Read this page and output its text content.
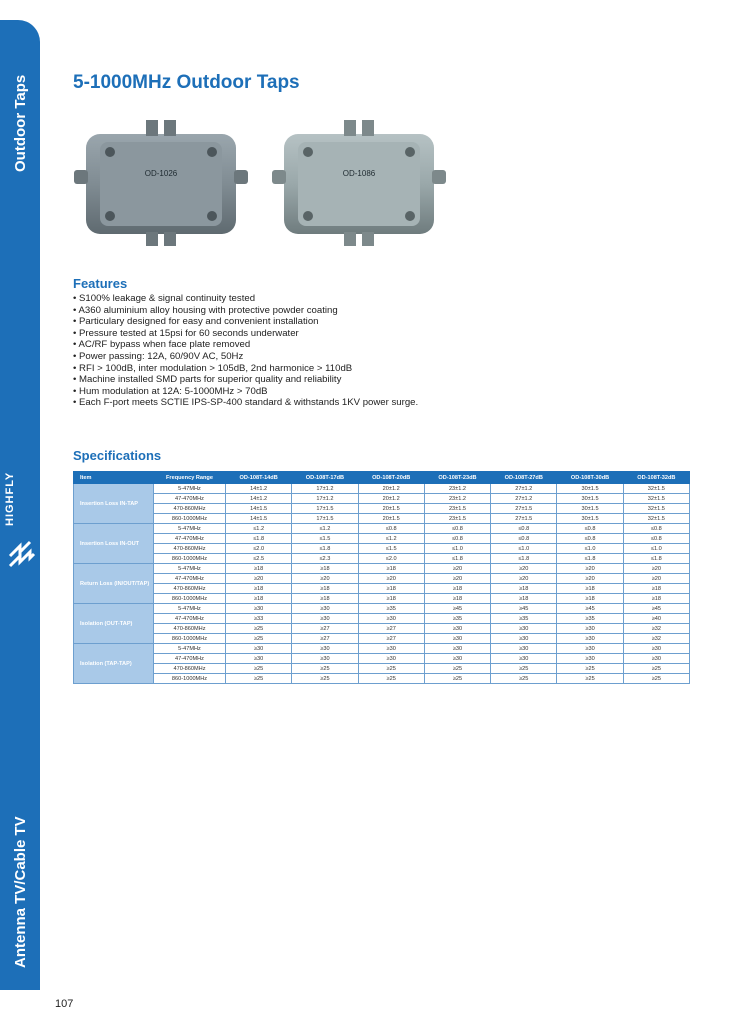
Outdoor Taps
HIGHFLY
Antenna TV/Cable TV
5-1000MHz Outdoor Taps
OD-1026	OD-1086
Features
• S100% leakage & signal continuity tested
• A360 aluminium alloy housing with protective powder coating
• Particulary designed for easy and convenient installation
• Pressure tested at 15psi for 60 seconds underwater
• AC/RF bypass when face plate removed
• Power passing: 12A, 60/90V AC, 50Hz
• RFI > 100dB, inter modulation > 105dB, 2nd harmonice > 110dB
• Machine installed SMD parts for superior quality and reliability
• Hum modulation at 12A: 5-1000MHz > 70dB
• Each F-port meets SCTIE IPS-SP-400 standard & withstands 1KV power surge.
Specifications
Item	Frequency Range	OD-108T-14dB	OD-108T-17dB	OD-108T-20dB	OD-108T-23dB	OD-108T-27dB	OD-108T-30dB	OD-108T-32dB
Insertion Loss IN-TAP	5-47MHz	14±1.2	17±1.2	20±1.2	23±1.2	27±1.2	30±1.5	32±1.5
	47-470MHz	14±1.2	17±1.2	20±1.2	23±1.2	27±1.2	30±1.5	32±1.5
	470-860MHz	14±1.5	17±1.5	20±1.5	23±1.5	27±1.5	30±1.5	32±1.5
	860-1000MHz	14±1.5	17±1.5	20±1.5	23±1.5	27±1.5	30±1.5	32±1.5
Insertion Loss IN-OUT	5-47MHz	≤1.2	≤1.2	≤0.8	≤0.8	≤0.8	≤0.8	≤0.8
	47-470MHz	≤1.8	≤1.5	≤1.2	≤0.8	≤0.8	≤0.8	≤0.8
	470-860MHz	≤2.0	≤1.8	≤1.5	≤1.0	≤1.0	≤1.0	≤1.0
	860-1000MHz	≤2.5	≤2.3	≤2.0	≤1.8	≤1.8	≤1.8	≤1.8
Return Loss (IN/OUT/TAP)	5-47MHz	≥18	≥18	≥18	≥20	≥20	≥20	≥20
	47-470MHz	≥20	≥20	≥20	≥20	≥20	≥20	≥20
	470-860MHz	≥18	≥18	≥18	≥18	≥18	≥18	≥18
	860-1000MHz	≥18	≥18	≥18	≥18	≥18	≥18	≥18
Isolation (OUT-TAP)	5-47MHz	≥30	≥30	≥35	≥45	≥45	≥45	≥45
	47-470MHz	≥33	≥30	≥30	≥35	≥35	≥35	≥40
	470-860MHz	≥25	≥27	≥27	≥30	≥30	≥30	≥32
	860-1000MHz	≥25	≥27	≥27	≥30	≥30	≥30	≥32
Isolation (TAP-TAP)	5-47MHz	≥30	≥30	≥30	≥30	≥30	≥30	≥30
	47-470MHz	≥30	≥30	≥30	≥30	≥30	≥30	≥30
	470-860MHz	≥25	≥25	≥25	≥25	≥25	≥25	≥25
	860-1000MHz	≥25	≥25	≥25	≥25	≥25	≥25	≥25
107
